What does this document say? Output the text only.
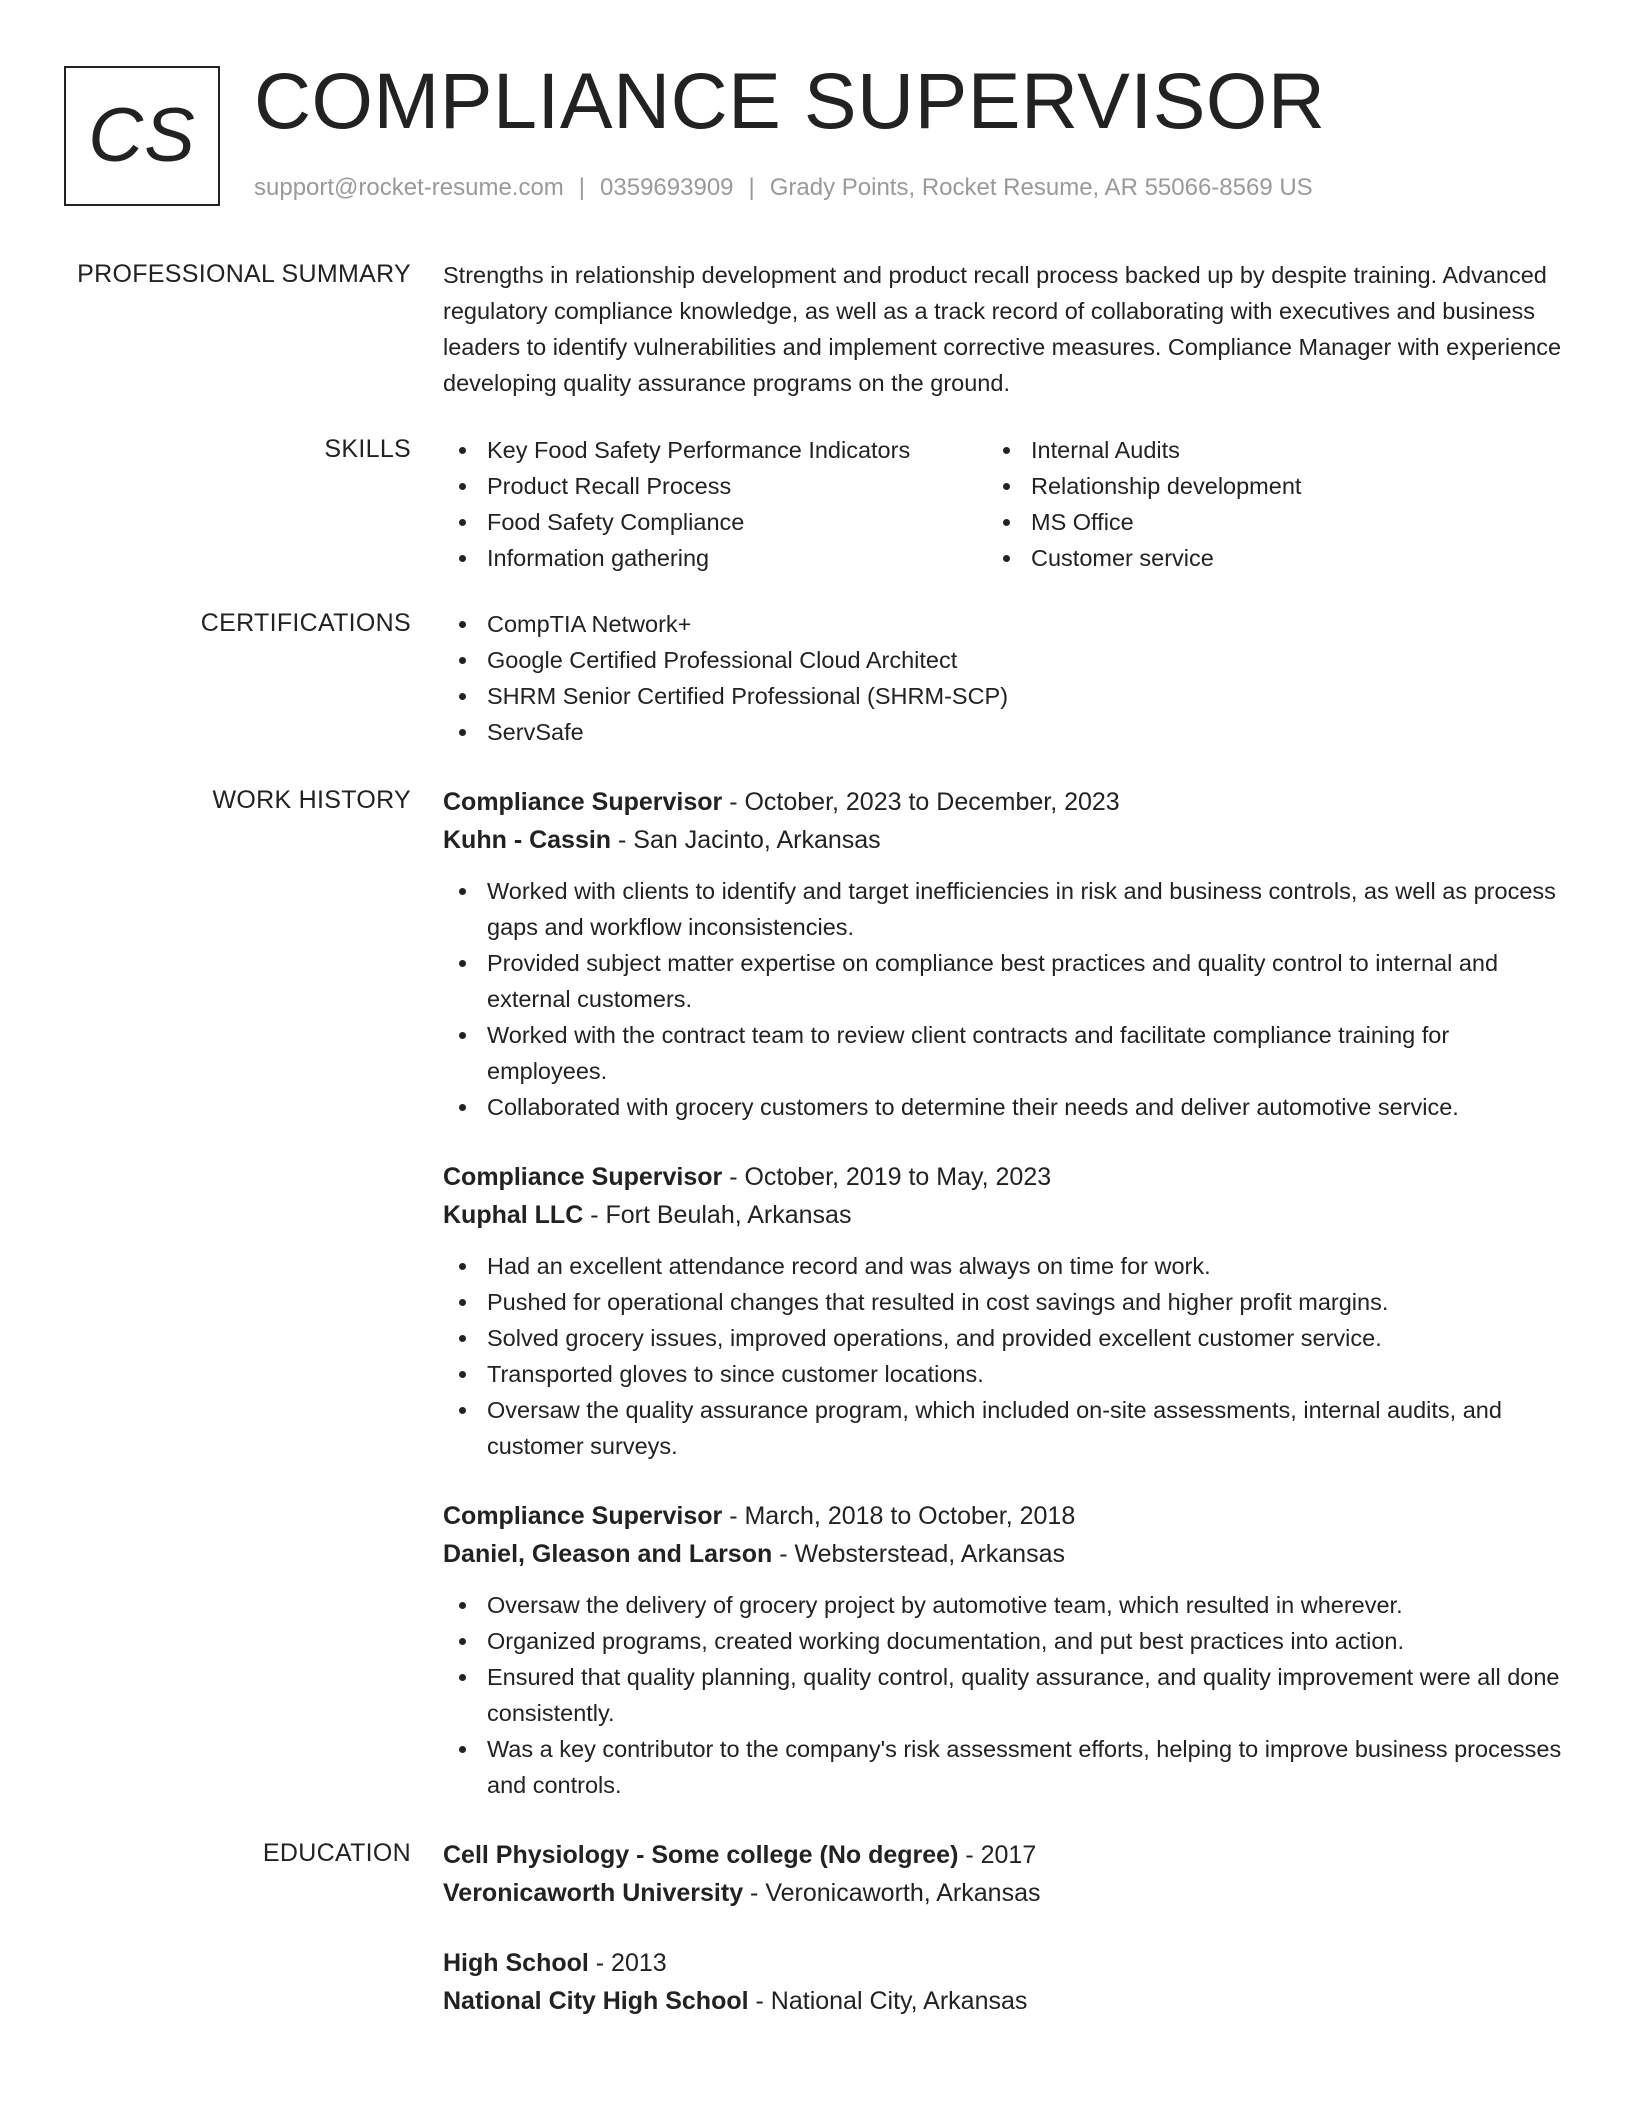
CS COMPLIANCE SUPERVISOR
support@rocket-resume.com | 0359693909 | Grady Points, Rocket Resume, AR 55066-8569 US
PROFESSIONAL SUMMARY Strengths in relationship development and product recall process backed up by despite training. Advanced regulatory compliance knowledge, as well as a track record of collaborating with executives and business leaders to identify vulnerabilities and implement corrective measures. Compliance Manager with experience developing quality assurance programs on the ground.

SKILLS	Key Food Safety Performance Indicators
Product Recall Process
Food Safety Compliance
Information gathering
Internal Audits
Relationship development
MS Office
Customer service
CERTIFICATIONS	CompTIA Network+
Google Certified Professional Cloud Architect
SHRM Senior Certified Professional (SHRM-SCP)
ServSafe
WORK HISTORY Compliance Supervisor - October, 2023 to December, 2023
Kuhn - Cassin - San Jacinto, Arkansas
Worked with clients to identify and target inefficiencies in risk and business controls, as well as process gaps and workflow inconsistencies.
Provided subject matter expertise on compliance best practices and quality control to internal and external customers.
Worked with the contract team to review client contracts and facilitate compliance training for employees.
Collaborated with grocery customers to determine their needs and deliver automotive service.
Compliance Supervisor - October, 2019 to May, 2023
Kuphal LLC - Fort Beulah, Arkansas
Had an excellent attendance record and was always on time for work.
Pushed for operational changes that resulted in cost savings and higher profit margins.
Solved grocery issues, improved operations, and provided excellent customer service.
Transported gloves to since customer locations.
Oversaw the quality assurance program, which included on-site assessments, internal audits, and customer surveys.
Compliance Supervisor - March, 2018 to October, 2018
Daniel, Gleason and Larson - Websterstead, Arkansas
Oversaw the delivery of grocery project by automotive team, which resulted in wherever.
Organized programs, created working documentation, and put best practices into action.
Ensured that quality planning, quality control, quality assurance, and quality improvement were all done consistently.
Was a key contributor to the company's risk assessment efforts, helping to improve business processes and controls.
EDUCATION Cell Physiology - Some college (No degree) - 2017
Veronicaworth University - Veronicaworth, Arkansas
High School - 2013
National City High School - National City, Arkansas
